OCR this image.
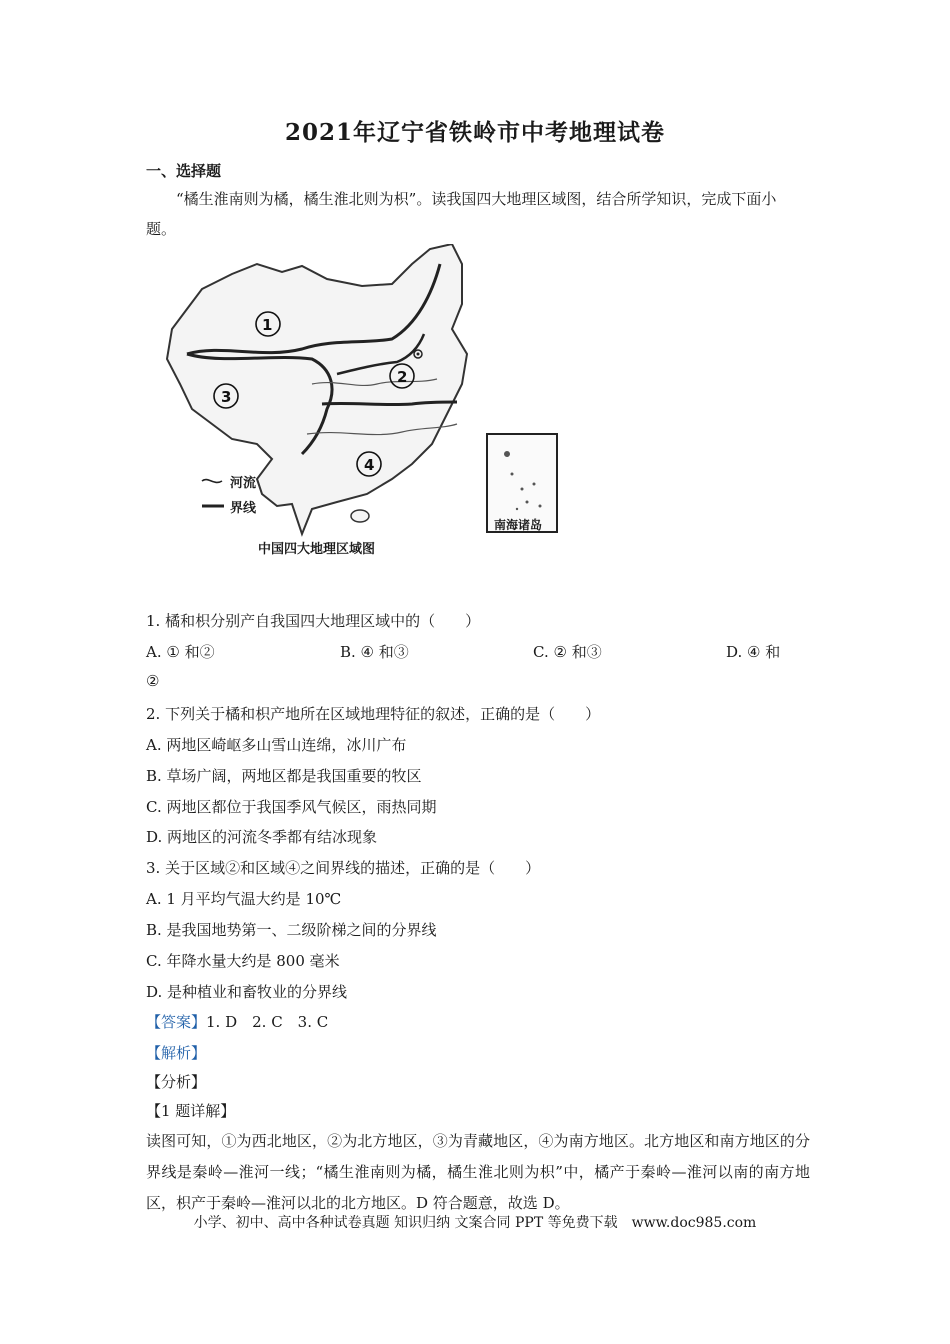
2021年辽宁省铁岭市中考地理试卷
一、选择题
“橘生淮南则为橘，橘生淮北则为枳”。读我国四大地理区域图，结合所学知识，完成下面小题。
1
2
3
4
河流
界线
南海诸岛
中国四大地理区域图
1. 橘和枳分别产自我国四大地理区域中的（　　）
A. ① 和②	B. ④ 和③	C. ② 和③	D. ④ 和
②
2. 下列关于橘和枳产地所在区域地理特征的叙述，正确的是（　　）
A. 两地区崎岖多山雪山连绵，冰川广布
B. 草场广阔，两地区都是我国重要的牧区
C. 两地区都位于我国季风气候区，雨热同期
D. 两地区的河流冬季都有结冰现象
3. 关于区域②和区域④之间界线的描述，正确的是（　　）
A. 1 月平均气温大约是 10℃
B. 是我国地势第一、二级阶梯之间的分界线
C. 年降水量大约是 800 毫米
D. 是种植业和畜牧业的分界线
【答案】1. D　2. C　3. C
【解析】
【分析】
【1 题详解】
读图可知，①为西北地区，②为北方地区，③为青藏地区，④为南方地区。北方地区和南方地区的分界线是秦岭—淮河一线；“橘生淮南则为橘，橘生淮北则为枳”中，橘产于秦岭—淮河以南的南方地区，枳产于秦岭—淮河以北的北方地区。D 符合题意，故选 D。
小学、初中、高中各种试卷真题 知识归纳 文案合同 PPT 等免费下载　www.doc985.com
